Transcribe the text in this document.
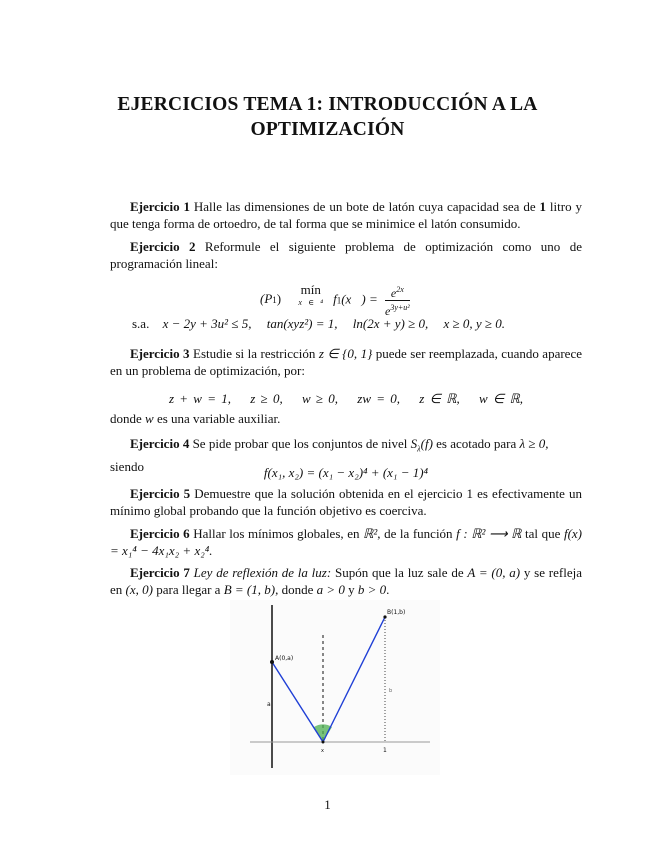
EJERCICIOS TEMA 1: INTRODUCCIÓN A LA
OPTIMIZACIÓN
Ejercicio 1 Halle las dimensiones de un bote de latón cuya capacidad sea de 1 litro y que tenga forma de ortoedro, de tal forma que se minimice el latón consumido.
Ejercicio 2 Reformule el siguiente problema de optimización como uno de programación lineal:
(P1) mín
x⃗∈ℝ⁴ f1(x⃗) = $\frac{e^{2x}}{e^{3y+u^2}}$
s.a. x − 2y + 3u² ≤ 5, tan(xyz²) = 1, ln(2x + y) ≥ 0, x ≥ 0, y ≥ 0.
Ejercicio 3 Estudie si la restricción z ∈ {0, 1} puede ser reemplazada, cuando aparece en un problema de optimización, por:
z + w = 1, z ≥ 0, w ≥ 0, zw = 0, z ∈ ℝ, w ∈ ℝ,
donde w es una variable auxiliar.
Ejercicio 4 Se pide probar que los conjuntos de nivel $S_\lambda(f)$ es acotado para λ ≥ 0,
siendo	f(x₁, x₂) = (x₁ − x₂)⁴ + (x₁ − 1)⁴
Ejercicio 5 Demuestre que la solución obtenida en el ejercicio 1 es efectivamente un mínimo global probando que la función objetivo es coerciva.
Ejercicio 6 Hallar los mínimos globales, en ℝ², de la función f : ℝ² ⟶ ℝ tal que f(x) = x₁⁴ − 4x₁x₂ + x₂⁴.
Ejercicio 7 Ley de reflexión de la luz: Supón que la luz sale de A = (0, a) y se refleja en (x, 0) para llegar a B = (1, b), donde a > 0 y b > 0.
A(0,a)
B(1,b)
a
b
x	1
1
